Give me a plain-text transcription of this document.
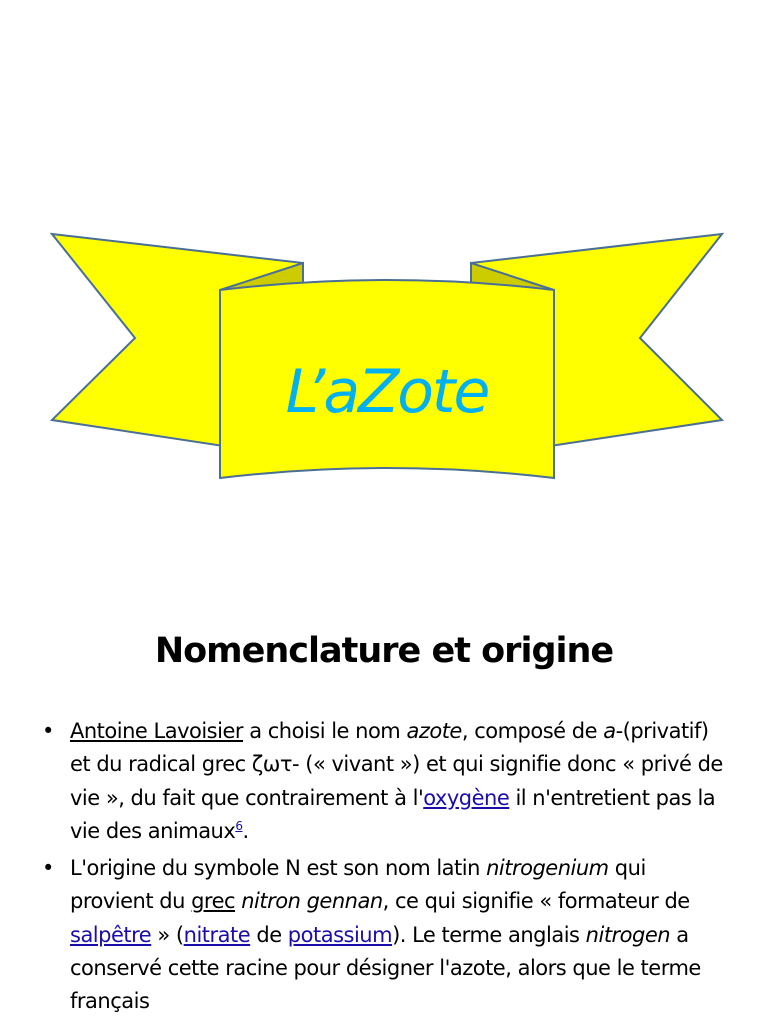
L’aZote
Nomenclature et origine
• Antoine Lavoisier a choisi le nom azote, composé de a-(privatif) et du radical grec ζωτ- (« vivant ») et qui signifie donc « privé de vie », du fait que contrairement à l'oxygène il n'entretient pas la vie des animaux$^6$.
• L'origine du symbole N est son nom latin nitrogenium qui provient du grec nitron gennan, ce qui signifie « formateur de salpêtre » (nitrate de potassium). Le terme anglais nitrogen a conservé cette racine pour désigner l'azote, alors que le terme français
